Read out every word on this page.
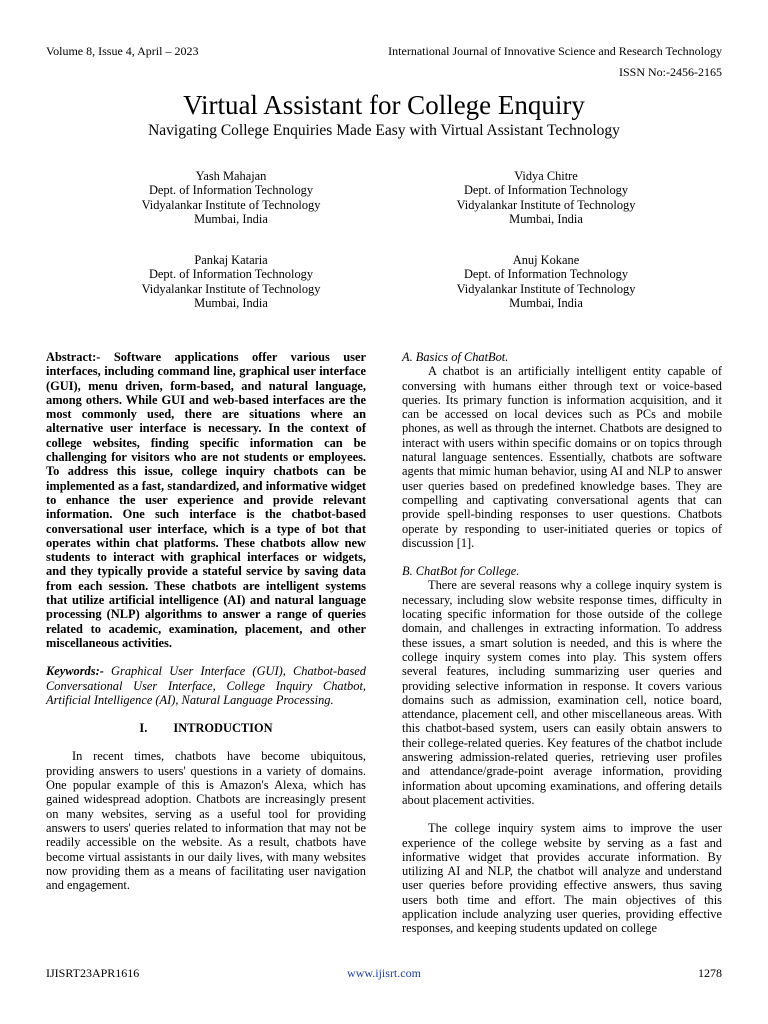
Volume 8, Issue 4, April – 2023	International Journal of Innovative Science and Research Technology
ISSN No:-2456-2165
Virtual Assistant for College Enquiry
Navigating College Enquiries Made Easy with Virtual Assistant Technology
Yash Mahajan
Dept. of Information Technology
Vidyalankar Institute of Technology
Mumbai, India
Vidya Chitre
Dept. of Information Technology
Vidyalankar Institute of Technology
Mumbai, India
Pankaj Kataria
Dept. of Information Technology
Vidyalankar Institute of Technology
Mumbai, India
Anuj Kokane
Dept. of Information Technology
Vidyalankar Institute of Technology
Mumbai, India

Abstract:- Software applications offer various user interfaces, including command line, graphical user interface (GUI), menu driven, form-based, and natural language, among others. While GUI and web-based interfaces are the most commonly used, there are situations where an alternative user interface is necessary. In the context of college websites, finding specific information can be challenging for visitors who are not students or employees. To address this issue, college inquiry chatbots can be implemented as a fast, standardized, and informative widget to enhance the user experience and provide relevant information. One such interface is the chatbot-based conversational user interface, which is a type of bot that operates within chat platforms. These chatbots allow new students to interact with graphical interfaces or widgets, and they typically provide a stateful service by saving data from each session. These chatbots are intelligent systems that utilize artificial intelligence (AI) and natural language processing (NLP) algorithms to answer a range of queries related to academic, examination, placement, and other miscellaneous activities.

Keywords:- Graphical User Interface (GUI), Chatbot-based Conversational User Interface, College Inquiry Chatbot, Artificial Intelligence (AI), Natural Language Processing.

I. INTRODUCTION

In recent times, chatbots have become ubiquitous, providing answers to users' questions in a variety of domains. One popular example of this is Amazon's Alexa, which has gained widespread adoption. Chatbots are increasingly present on many websites, serving as a useful tool for providing answers to users' queries related to information that may not be readily accessible on the website. As a result, chatbots have become virtual assistants in our daily lives, with many websites now providing them as a means of facilitating user navigation and engagement.

A. Basics of ChatBot.

A chatbot is an artificially intelligent entity capable of conversing with humans either through text or voice-based queries. Its primary function is information acquisition, and it can be accessed on local devices such as PCs and mobile phones, as well as through the internet. Chatbots are designed to interact with users within specific domains or on topics through natural language sentences. Essentially, chatbots are software agents that mimic human behavior, using AI and NLP to answer user queries based on predefined knowledge bases. They are compelling and captivating conversational agents that can provide spell-binding responses to user questions. Chatbots operate by responding to user-initiated queries or topics of discussion [1].

B. ChatBot for College.

There are several reasons why a college inquiry system is necessary, including slow website response times, difficulty in locating specific information for those outside of the college domain, and challenges in extracting information. To address these issues, a smart solution is needed, and this is where the college inquiry system comes into play. This system offers several features, including summarizing user queries and providing selective information in response. It covers various domains such as admission, examination cell, notice board, attendance, placement cell, and other miscellaneous areas. With this chatbot-based system, users can easily obtain answers to their college-related queries. Key features of the chatbot include answering admission-related queries, retrieving user profiles and attendance/grade-point average information, providing information about upcoming examinations, and offering details about placement activities.

The college inquiry system aims to improve the user experience of the college website by serving as a fast and informative widget that provides accurate information. By utilizing AI and NLP, the chatbot will analyze and understand user queries before providing effective answers, thus saving users both time and effort. The main objectives of this application include analyzing user queries, providing effective responses, and keeping students updated on college

IJISRT23APR1616	www.ijisrt.com	1278
